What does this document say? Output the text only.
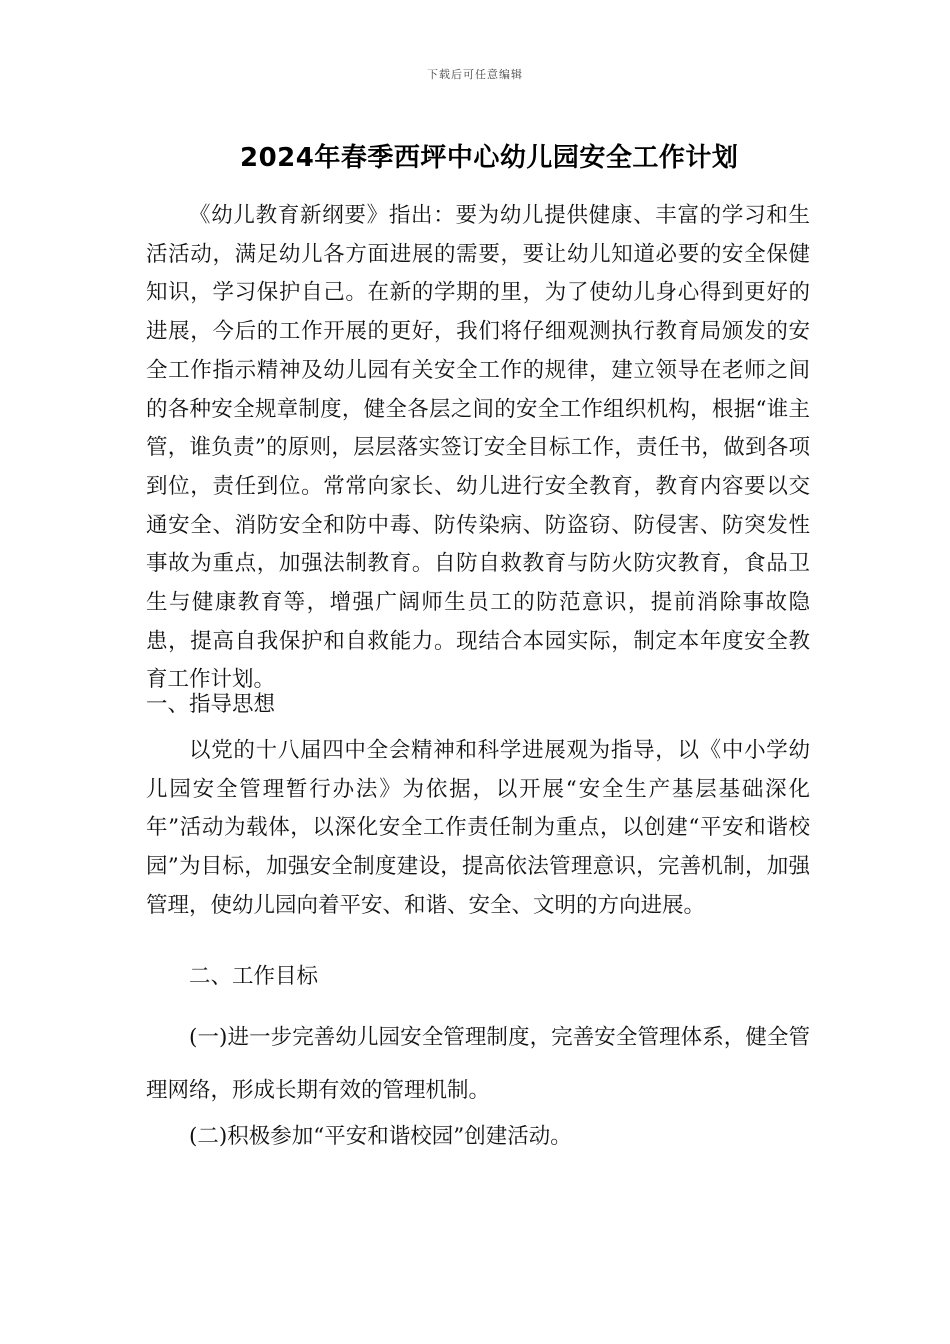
下载后可任意编辑
2024年春季西坪中心幼儿园安全工作计划

《幼儿教育新纲要》指出：要为幼儿提供健康、丰富的学习和生活活动，满足幼儿各方面进展的需要，要让幼儿知道必要的安全保健知识，学习保护自己。在新的学期的里，为了使幼儿身心得到更好的进展，今后的工作开展的更好，我们将仔细观测执行教育局颁发的安全工作指示精神及幼儿园有关安全工作的规律，建立领导在老师之间的各种安全规章制度，健全各层之间的安全工作组织机构，根据“谁主管，谁负责”的原则，层层落实签订安全目标工作，责任书，做到各项到位，责任到位。常常向家长、幼儿进行安全教育，教育内容要以交通安全、消防安全和防中毒、防传染病、防盗窃、防侵害、防突发性事故为重点，加强法制教育。自防自救教育与防火防灾教育，食品卫生与健康教育等，增强广阔师生员工的防范意识，提前消除事故隐患，提高自我保护和自救能力。现结合本园实际，制定本年度安全教育工作计划。

一、指导思想

以党的十八届四中全会精神和科学进展观为指导，以《中小学幼儿园安全管理暂行办法》为依据，以开展“安全生产基层基础深化年”活动为载体，以深化安全工作责任制为重点，以创建“平安和谐校园”为目标，加强安全制度建设，提高依法管理意识，完善机制，加强管理，使幼儿园向着平安、和谐、安全、文明的方向进展。

二、工作目标

(一)进一步完善幼儿园安全管理制度，完善安全管理体系，健全管理网络，形成长期有效的管理机制。

(二)积极参加“平安和谐校园”创建活动。
